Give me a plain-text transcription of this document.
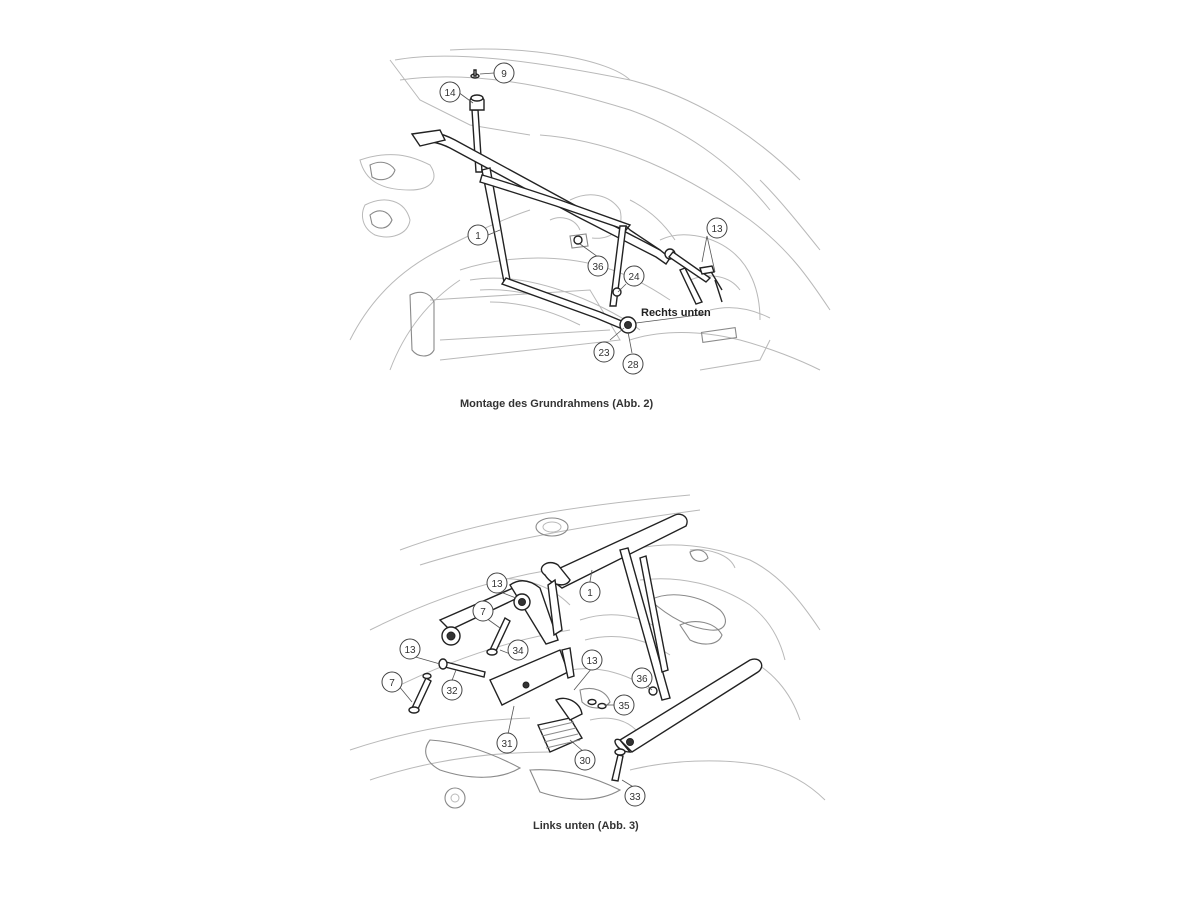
9
14
1
13
36
24
23
28
Rechts unten
Montage des Grundrahmens (Abb. 2)
13
1
7
34
13
7
32
13
36
35
31
30
33
Links unten (Abb. 3)
